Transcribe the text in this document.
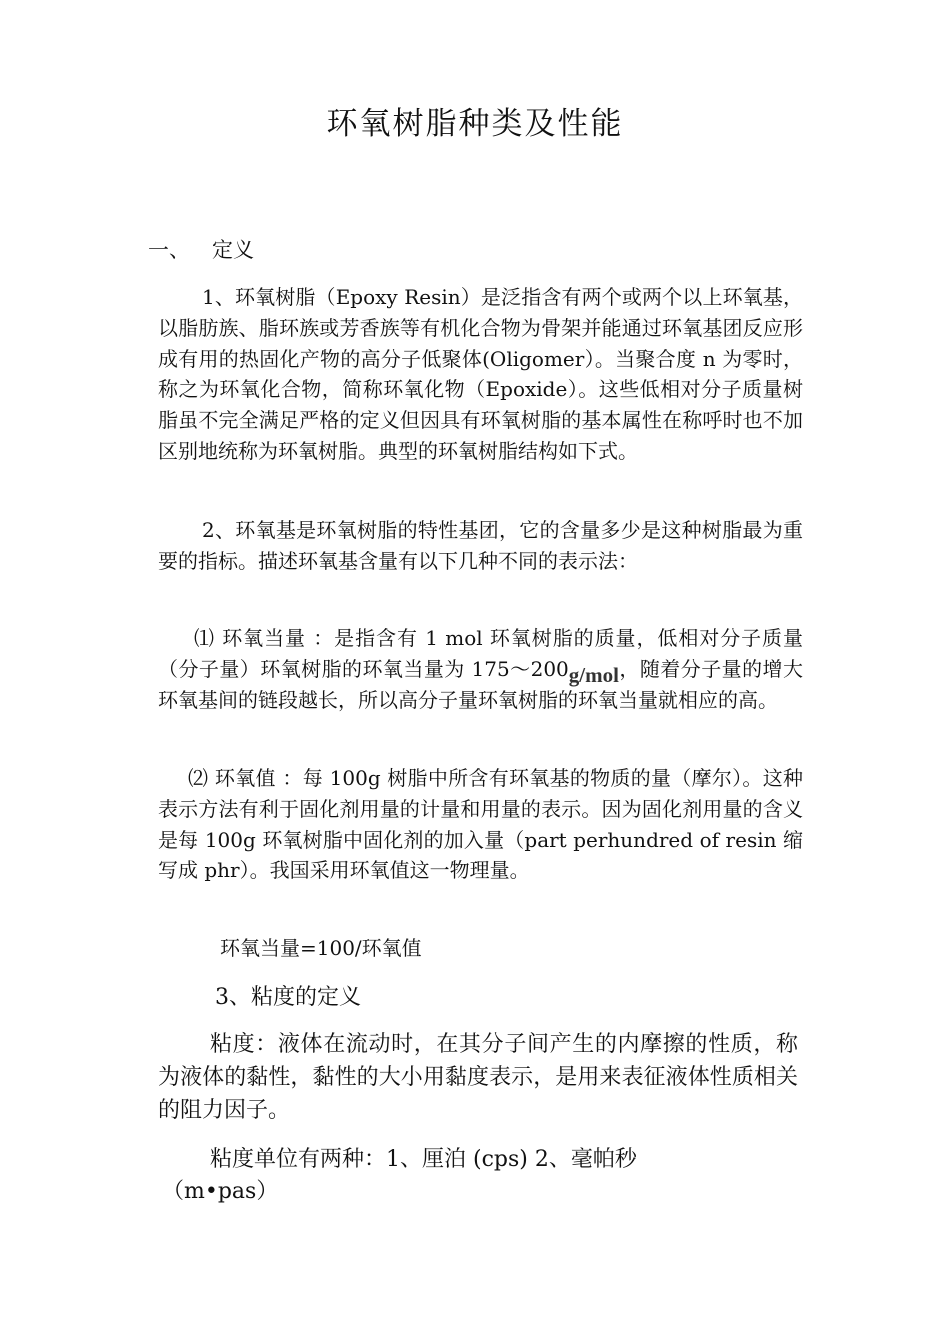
环氧树脂种类及性能
一、 定义
1、环氧树脂（Epoxy Resin）是泛指含有两个或两个以上环氧基，以脂肪族、脂环族或芳香族等有机化合物为骨架并能通过环氧基团反应形成有用的热固化产物的高分子低聚体(Oligomer）。当聚合度 n 为零时，称之为环氧化合物，简称环氧化物（Epoxide）。这些低相对分子质量树脂虽不完全满足严格的定义但因具有环氧树脂的基本属性在称呼时也不加区别地统称为环氧树脂。典型的环氧树脂结构如下式。
2、环氧基是环氧树脂的特性基团，它的含量多少是这种树脂最为重要的指标。描述环氧基含量有以下几种不同的表示法：
⑴ 环氧当量 ：是指含有 1 mol 环氧树脂的质量，低相对分子质量（分子量）环氧树脂的环氧当量为 175～200g/mol，随着分子量的增大环氧基间的链段越长，所以高分子量环氧树脂的环氧当量就相应的高。
⑵ 环氧值 ：每 100g 树脂中所含有环氧基的物质的量（摩尔）。这种表示方法有利于固化剂用量的计量和用量的表示。因为固化剂用量的含义是每 100g 环氧树脂中固化剂的加入量（part perhundred of resin 缩写成 phr）。我国采用环氧值这一物理量。
环氧当量=100/环氧值
3、粘度的定义
粘度：液体在流动时，在其分子间产生的内摩擦的性质，称为液体的黏性，黏性的大小用黏度表示，是用来表征液体性质相关的阻力因子。
粘度单位有两种：1、厘泊 (cps) 2、毫帕秒
（m•pas）
